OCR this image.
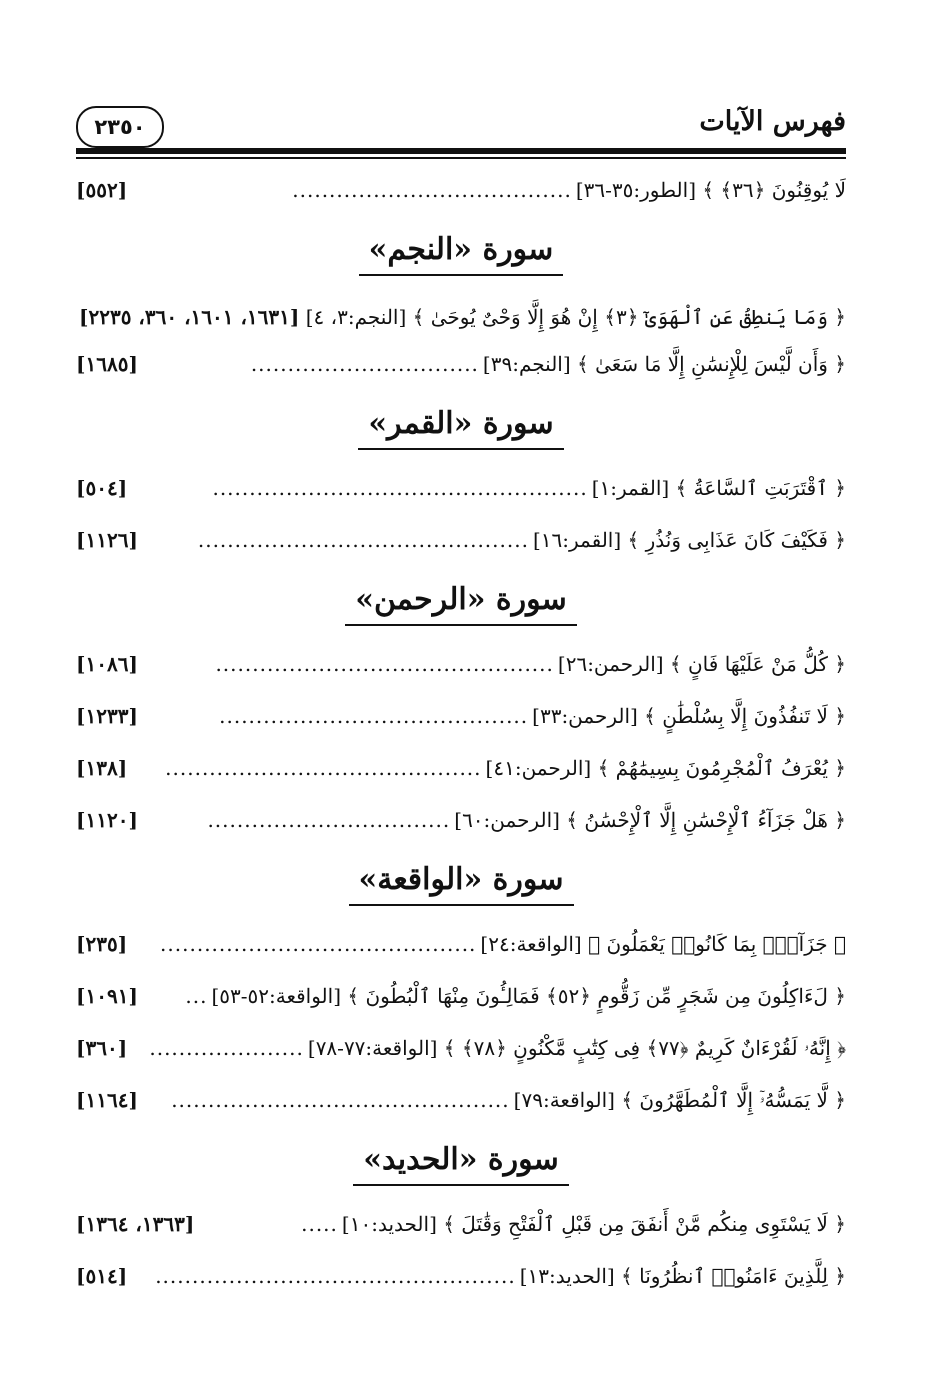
فهرس الآيات
٢٣٥٠
لَا يُوقِنُونَ ﴿٣٦﴾ ﴾ [الطور:٣٥-٣٦]
......................................
[٥٥٢]
سورة «النجم»
﴿ وَمَا يَنطِقُ عَنِ ٱلْهَوَىٰٓ ﴿٣﴾ إِنْ هُوَ إِلَّا وَحْىٌ يُوحَىٰ ﴾ [النجم:٣، ٤] [١٦٣١، ١٦٠١، ٣٦٠، ٢٢٣٥]
﴿ وَأَن لَّيْسَ لِلْإِنسَٰنِ إِلَّا مَا سَعَىٰ ﴾ [النجم:٣٩]
...............................
[١٦٨٥]
سورة «القمر»
﴿ ٱقْتَرَبَتِ ٱلسَّاعَةُ ﴾ [القمر:١]
...................................................
[٥٠٤]
﴿ فَكَيْفَ كَانَ عَذَابِى وَنُذُرِ ﴾ [القمر:١٦]
.............................................
[١١٢٦]
سورة «الرحمن»
﴿ كُلُّ مَنْ عَلَيْهَا فَانٍ ﴾ [الرحمن:٢٦]
..............................................
[١٠٨٦]
﴿ لَا تَنفُذُونَ إِلَّا بِسُلْطَٰنٍ ﴾ [الرحمن:٣٣]
..........................................
[١٢٣٣]
﴿ يُعْرَفُ ٱلْمُجْرِمُونَ بِسِيمَٰهُمْ ﴾ [الرحمن:٤١]
...........................................
[١٣٨]
﴿ هَلْ جَزَآءُ ٱلْإِحْسَٰنِ إِلَّا ٱلْإِحْسَٰنُ ﴾ [الرحمن:٦٠]
.................................
[١١٢٠]
سورة «الواقعة»
﴿ جَزَآءًۢ بِمَا كَانُوا۟ يَعْمَلُونَ ﴾ [الواقعة:٢٤]
...........................................
[٢٣٥]
﴿ لَءَاكِلُونَ مِن شَجَرٍ مِّن زَقُّومٍ ﴿٥٢﴾ فَمَالِـُٔونَ مِنْهَا ٱلْبُطُونَ ﴾ [الواقعة:٥٢-٥٣]
...
[١٠٩١]
﴿ إِنَّهُۥ لَقُرْءَانٌ كَرِيمٌ ﴿٧٧﴾ فِى كِتَٰبٍ مَّكْنُونٍ ﴿٧٨﴾ ﴾ [الواقعة:٧٧-٧٨]
.....................
[٣٦٠]
﴿ لَّا يَمَسُّهُۥٓ إِلَّا ٱلْمُطَهَّرُونَ ﴾ [الواقعة:٧٩]
..............................................
[١١٦٤]
سورة «الحديد»
﴿ لَا يَسْتَوِى مِنكُم مَّنْ أَنفَقَ مِن قَبْلِ ٱلْفَتْحِ وَقَٰتَلَ ﴾ [الحديد:١٠]
.....
[١٣٦٣، ١٣٦٤]
﴿ لِلَّذِينَ ءَامَنُوا۟ ٱنظُرُونَا ﴾ [الحديد:١٣]
.................................................
[٥١٤]
